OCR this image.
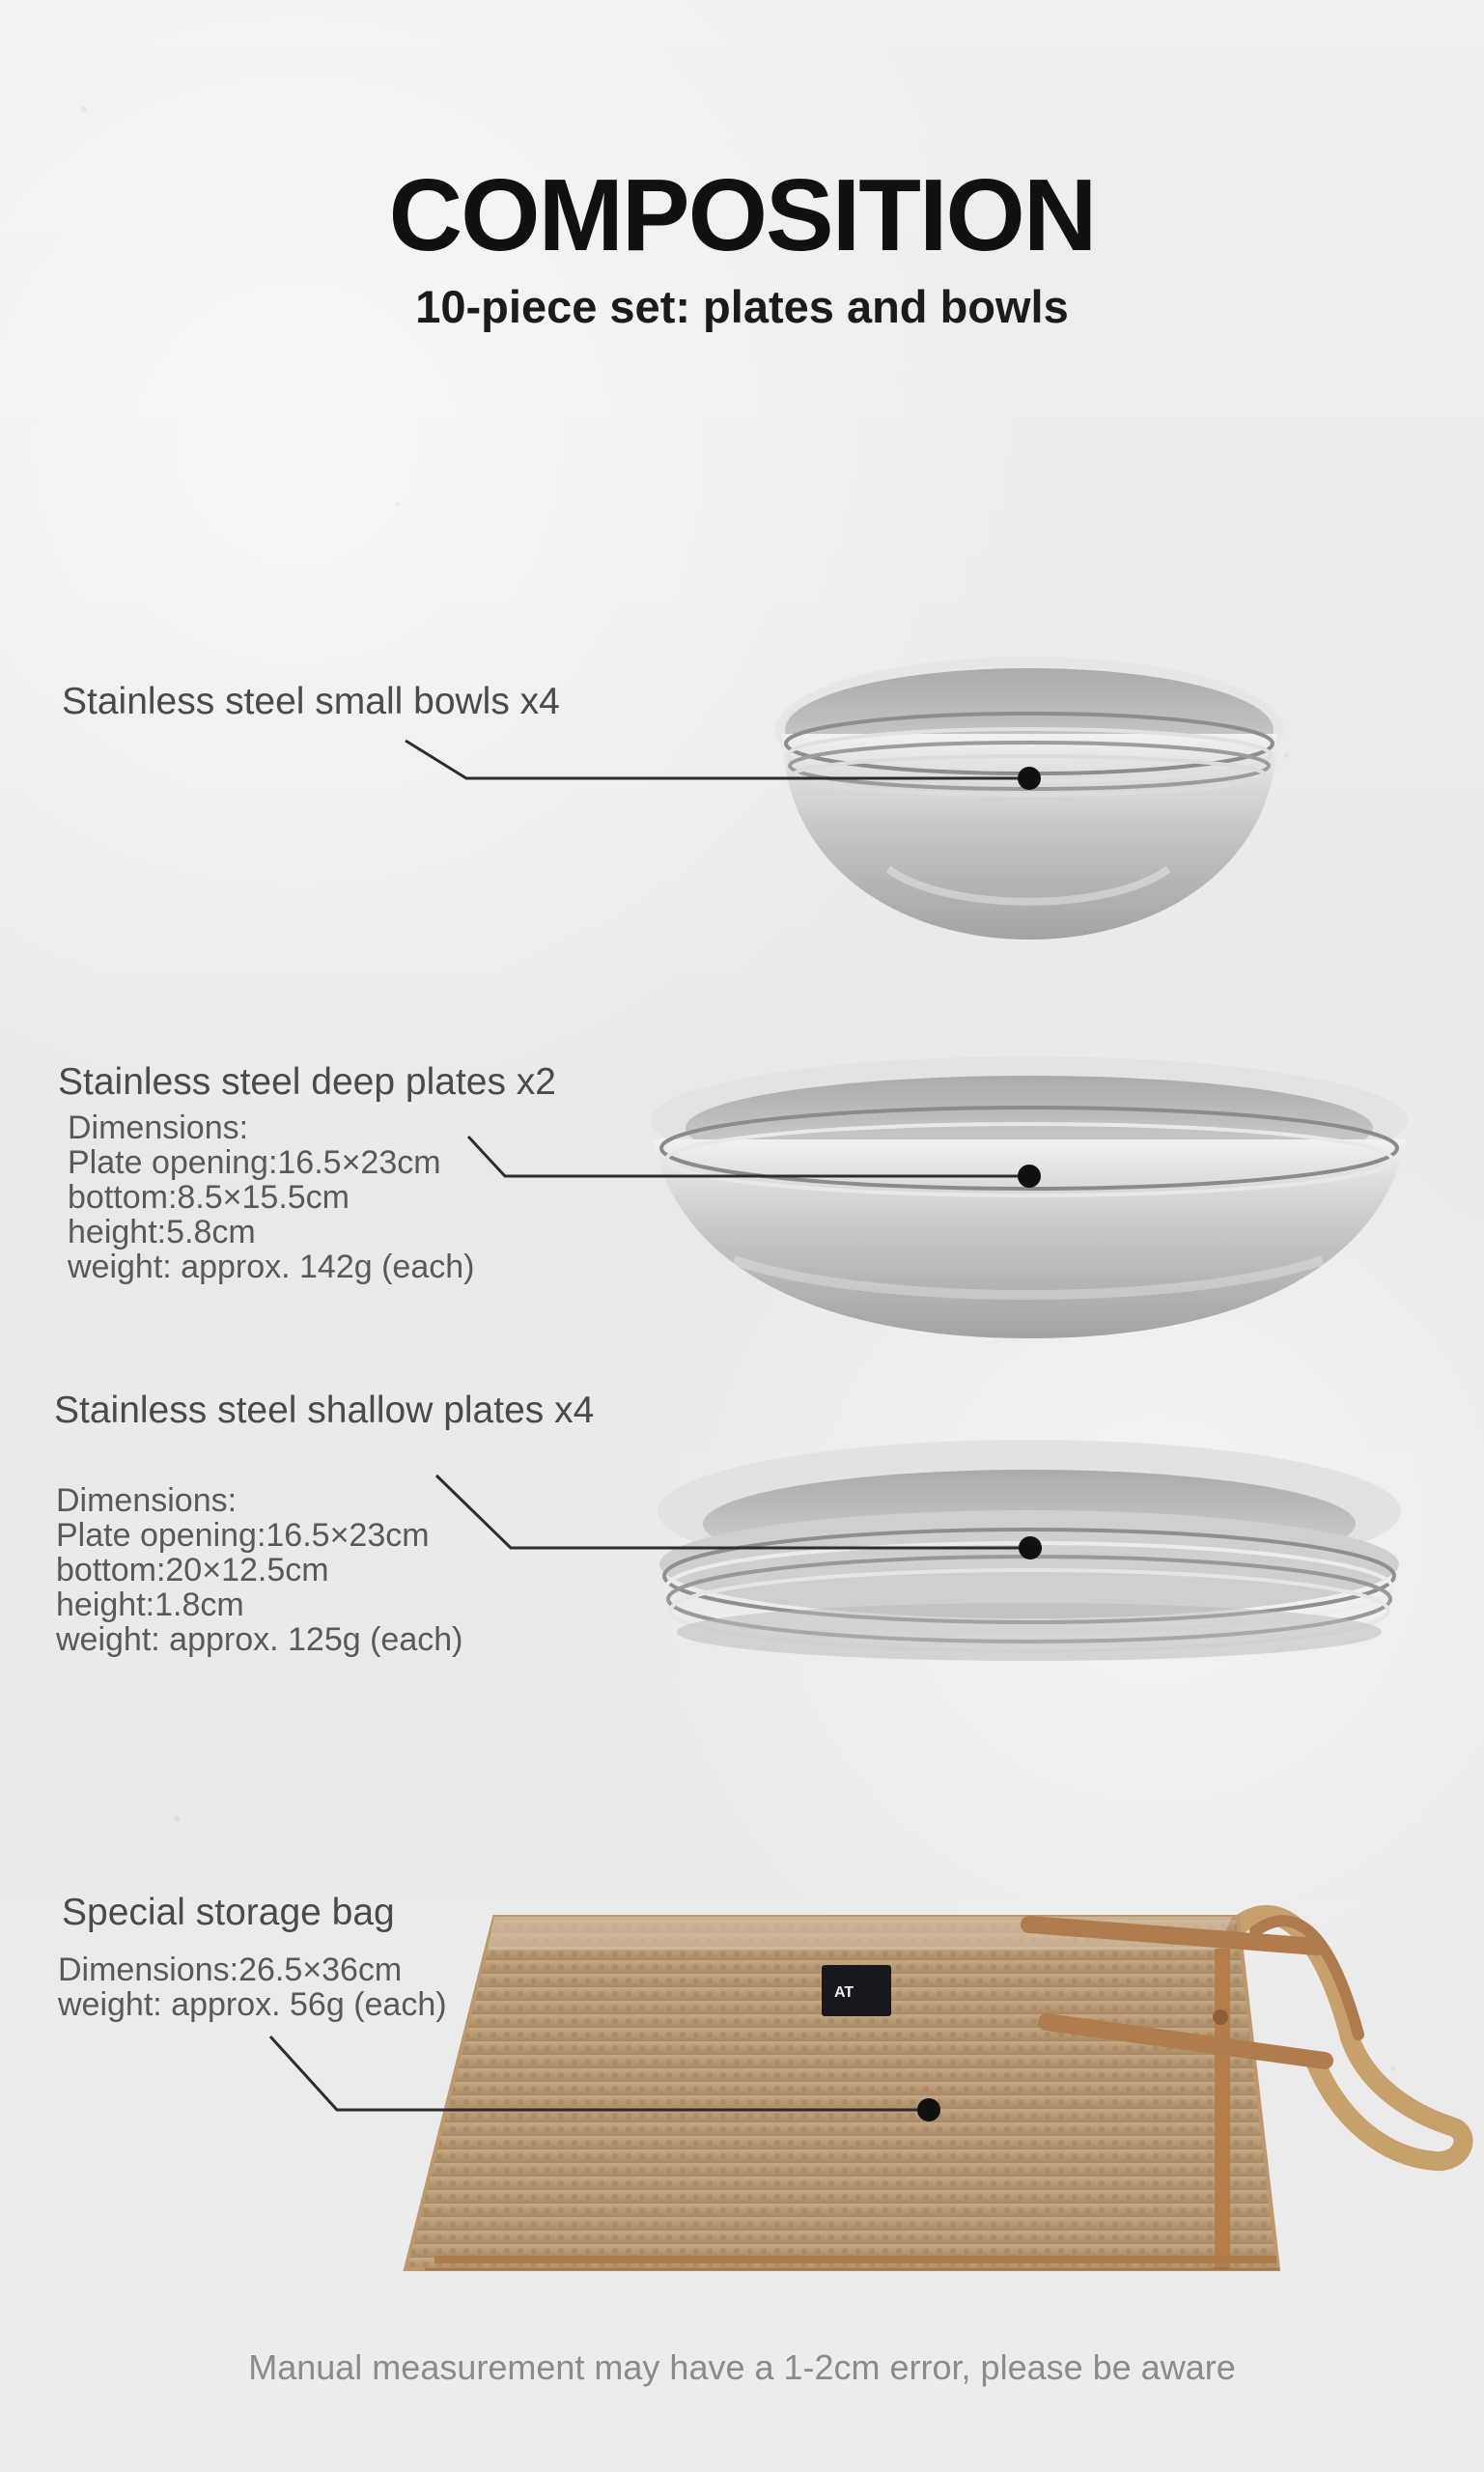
COMPOSITION
10-piece set: plates and bowls
Stainless steel small bowls x4
Stainless steel deep plates x2
Dimensions:
Plate opening:16.5×23cm
bottom:8.5×15.5cm
height:5.8cm
weight: approx. 142g (each)
Stainless steel shallow plates x4
Dimensions:
Plate opening:16.5×23cm
bottom:20×12.5cm
height:1.8cm
weight: approx. 125g (each)
Special storage bag
Dimensions:26.5×36cm
weight: approx. 56g (each)	AT
Manual measurement may have a 1-2cm error, please be aware
